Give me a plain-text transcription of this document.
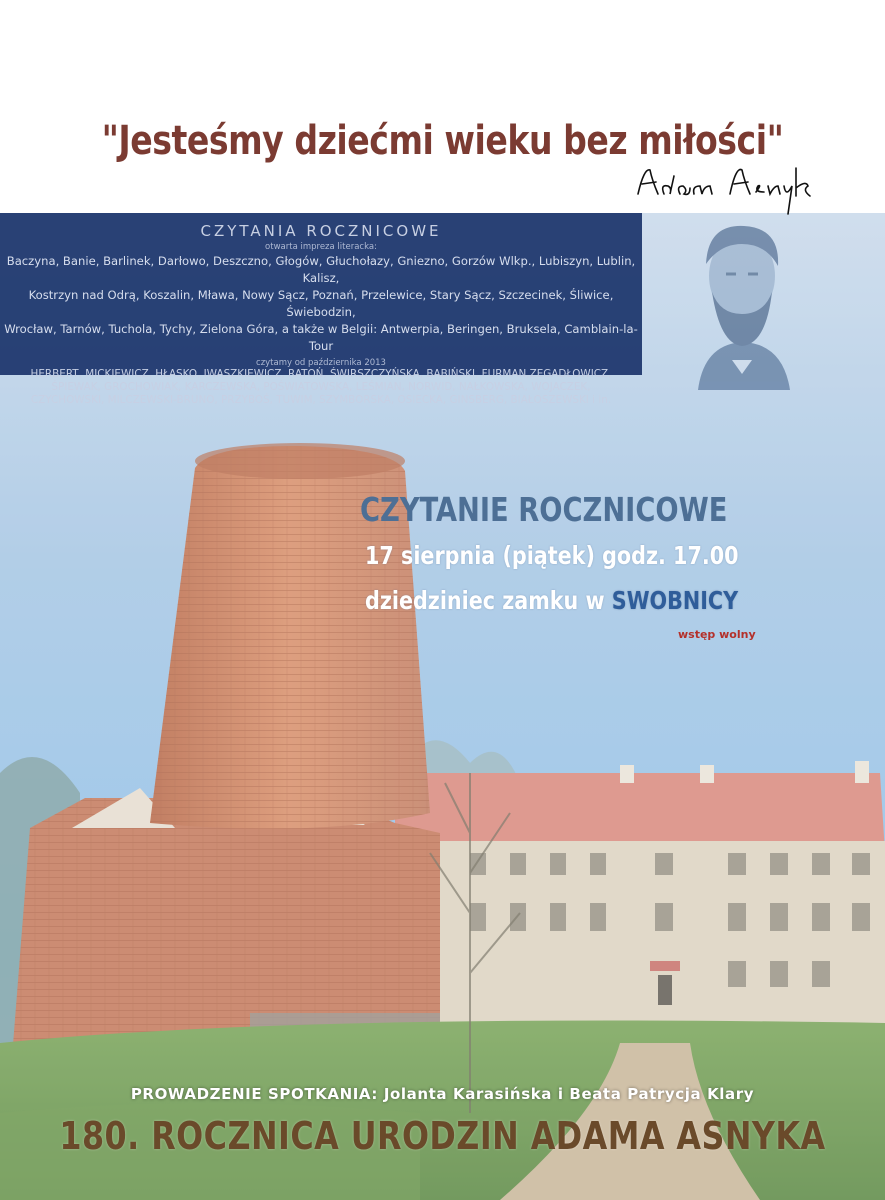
"Jesteśmy dziećmi wieku bez miłości"
CZYTANIA ROCZNICOWE
otwarta impreza literacka:
Baczyna, Banie, Barlinek, Darłowo, Deszczno, Głogów, Głuchołazy, Gniezno, Gorzów Wlkp., Lubiszyn, Lublin, Kalisz,
Kostrzyn nad Odrą, Koszalin, Mława, Nowy Sącz, Poznań, Przelewice, Stary Sącz, Szczecinek, Śliwice, Świebodzin,
Wrocław, Tarnów, Tuchola, Tychy, Zielona Góra, a także w Belgii: Antwerpia, Beringen, Bruksela, Camblain-la-Tour
czytamy od października 2013
HERBERT, MICKIEWICZ, HŁASKO, IWASZKIEWICZ, RATOŃ, ŚWIRSZCZYŃSKA, BABIŃSKI, FURMAN,ZEGADŁOWICZ,
ŚPIEWAK, GROCHOWIAK, KARCZEWSKA, POŚWIATOWSKA, LEŚMIAN, NORWID, NAŁKOWSKA, WOJACZEK,
CZYCHOWSKI, MILCZEWSKI-BRUNO, PRZYBOŚ, TUWIM, SZYMBORSKA, OSIECKA, GINSBERG, BIAŁOSZEWSKI i in.
CZYTANIE ROCZNICOWE
17 sierpnia (piątek) godz. 17.00
dziedziniec zamku w SWOBNICY
wstęp wolny
PROWADZENIE SPOTKANIA: Jolanta Karasińska i Beata Patrycja Klary
180. ROCZNICA URODZIN ADAMA ASNYKA
